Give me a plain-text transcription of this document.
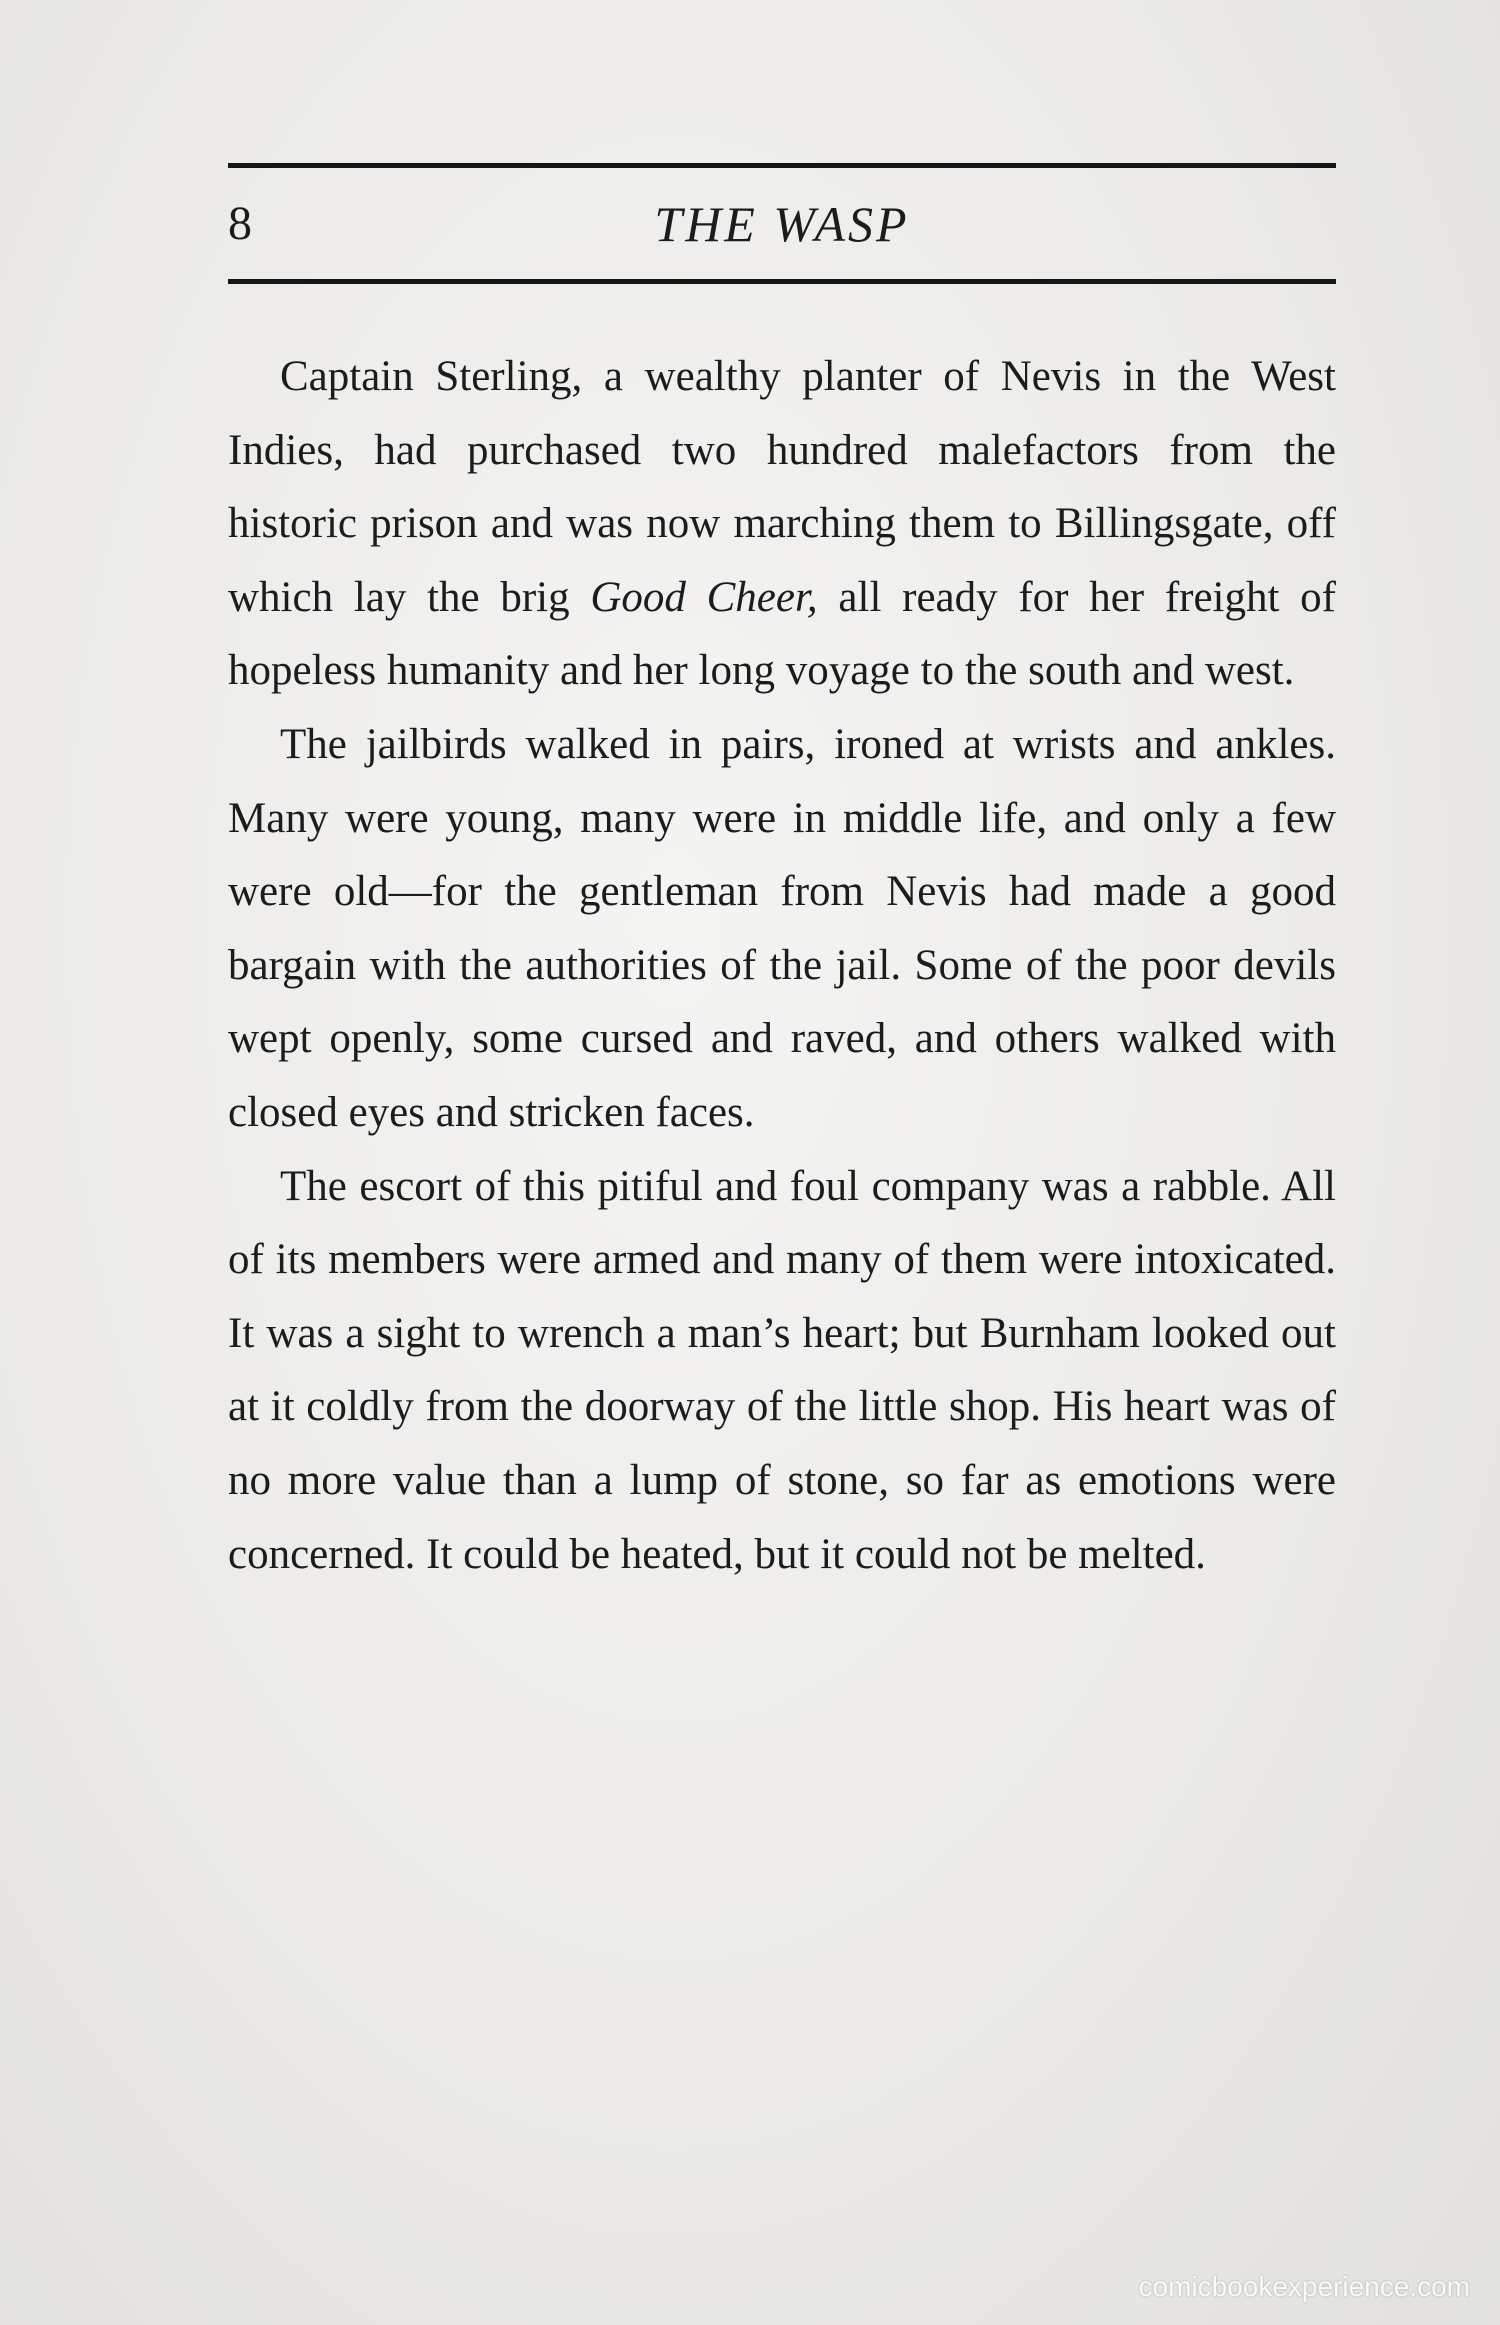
8	THE WASP

Captain Sterling, a wealthy planter of Nevis in the West Indies, had purchased two hundred malefactors from the historic prison and was now marching them to Billingsgate, off which lay the brig Good Cheer, all ready for her freight of hopeless humanity and her long voyage to the south and west.

The jailbirds walked in pairs, ironed at wrists and ankles. Many were young, many were in middle life, and only a few were old—for the gentleman from Nevis had made a good bargain with the authorities of the jail. Some of the poor devils wept openly, some cursed and raved, and others walked with closed eyes and stricken faces.

The escort of this pitiful and foul company was a rabble. All of its members were armed and many of them were intoxicated. It was a sight to wrench a man’s heart; but Burnham looked out at it coldly from the doorway of the little shop. His heart was of no more value than a lump of stone, so far as emotions were concerned. It could be heated, but it could not be melted.

comicbookexperience.com
